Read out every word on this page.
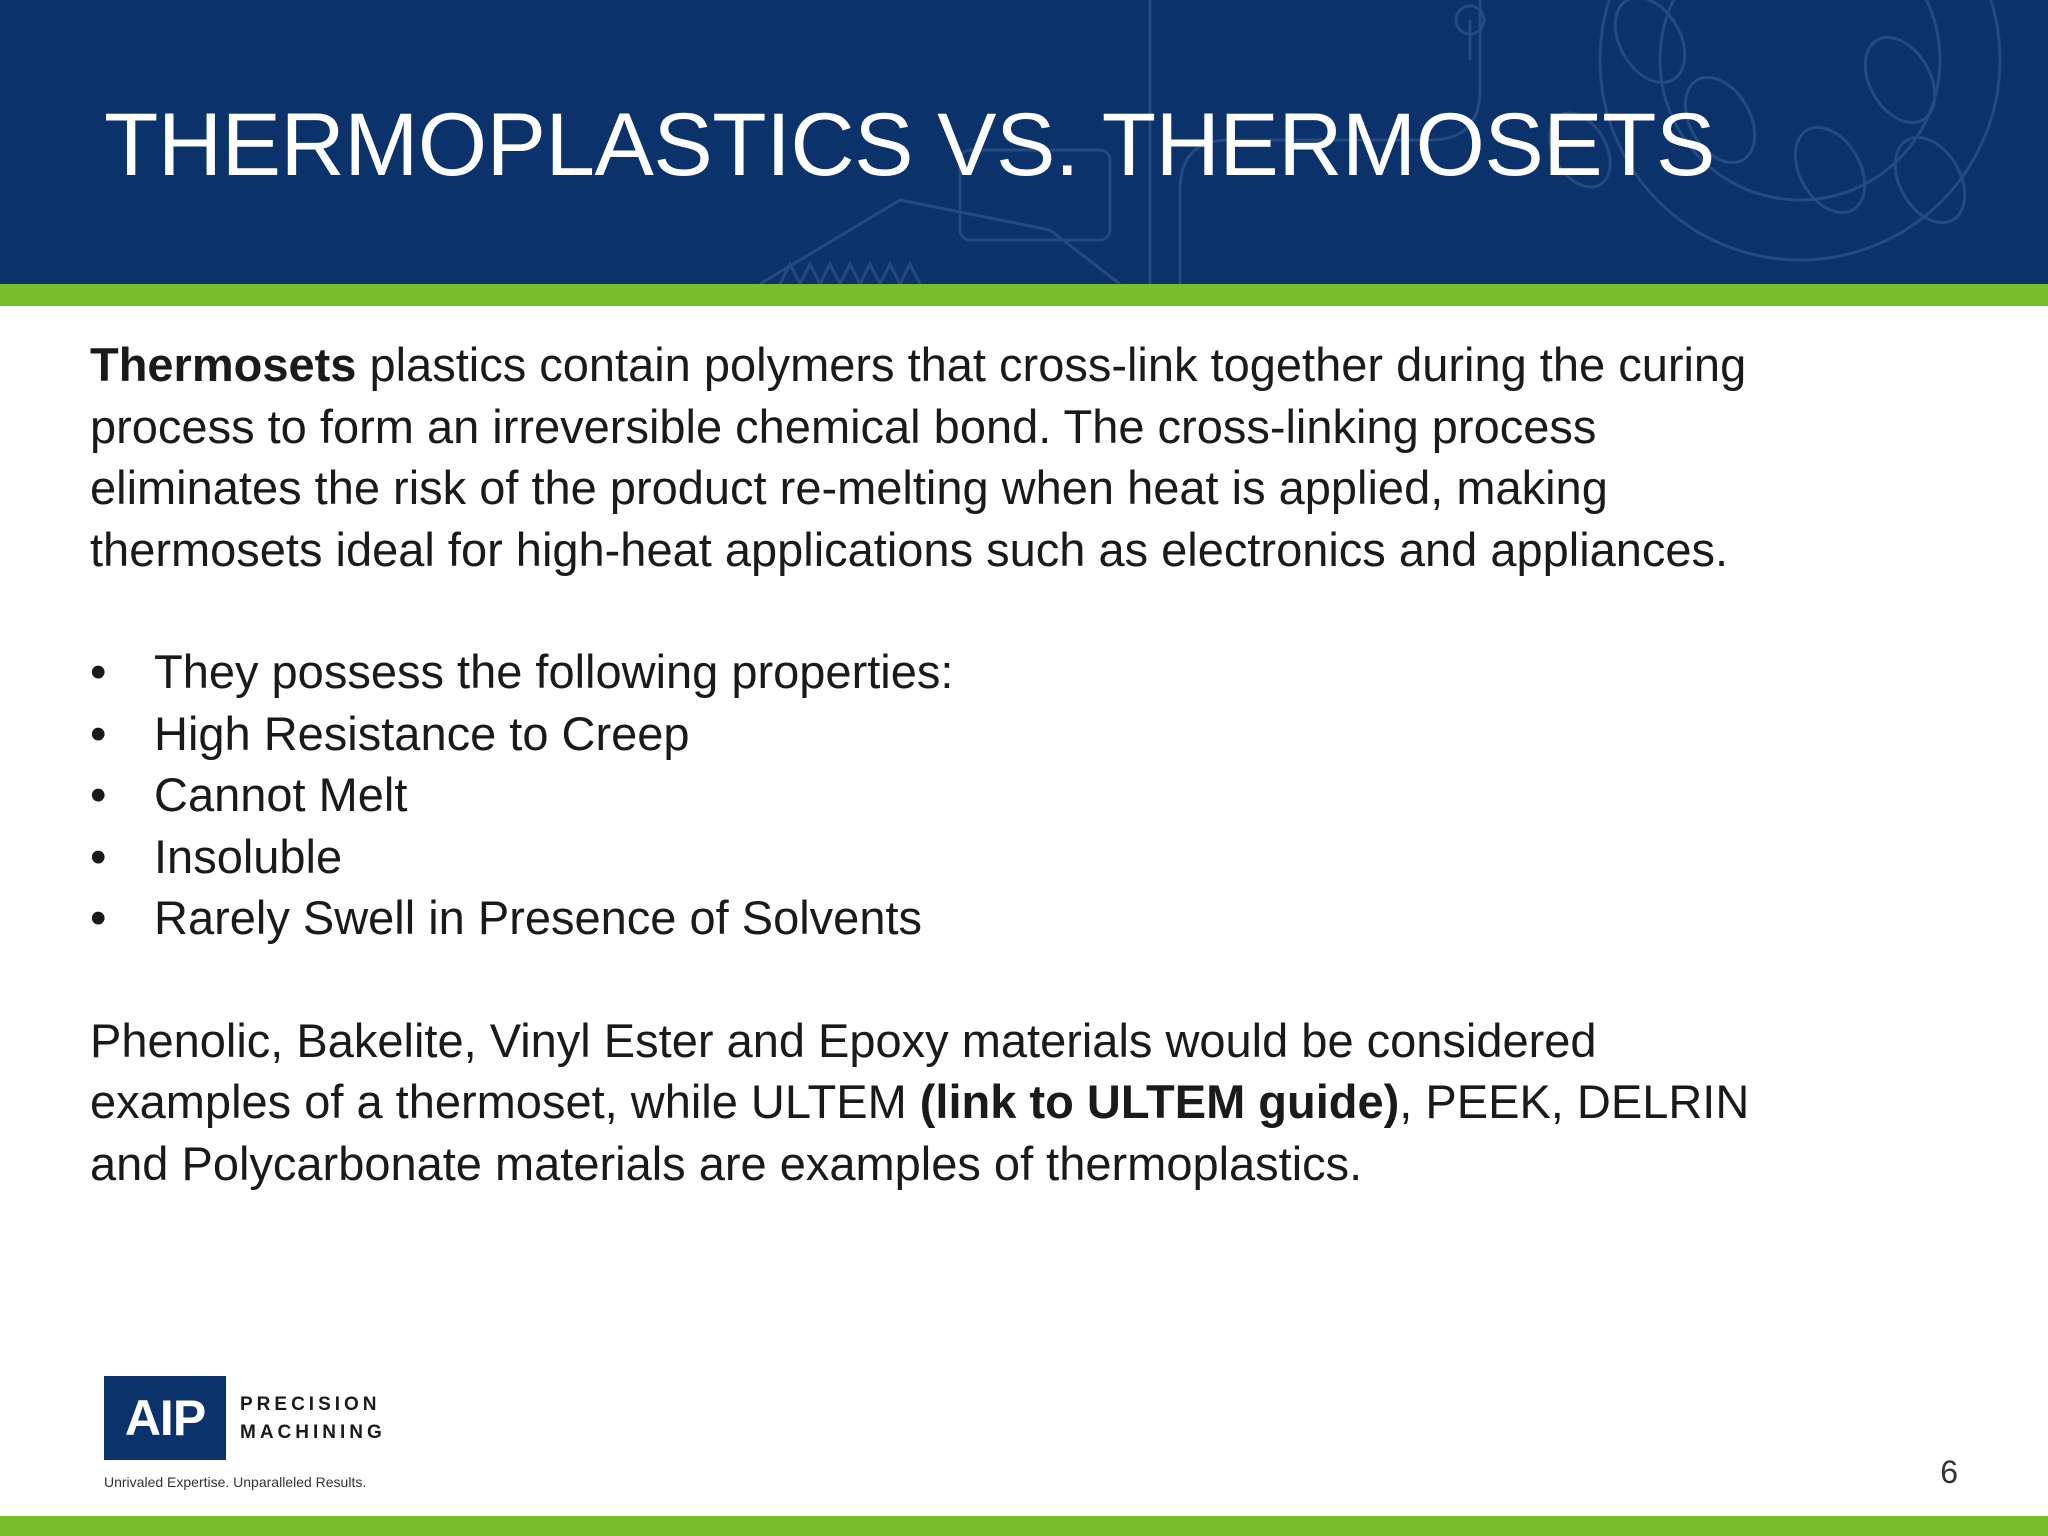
THERMOPLASTICS VS. THERMOSETS

Thermosets plastics contain polymers that cross-link together during the curing process to form an irreversible chemical bond. The cross-linking process eliminates the risk of the product re-melting when heat is applied, making thermosets ideal for high-heat applications such as electronics and appliances.

• They possess the following properties:
• High Resistance to Creep
• Cannot Melt
• Insoluble
• Rarely Swell in Presence of Solvents

Phenolic, Bakelite, Vinyl Ester and Epoxy materials would be considered examples of a thermoset, while ULTEM (link to ULTEM guide), PEEK, DELRIN and Polycarbonate materials are examples of thermoplastics.

AIP	PRECISION
MACHINING
Unrivaled Expertise. Unparalleled Results.	6
